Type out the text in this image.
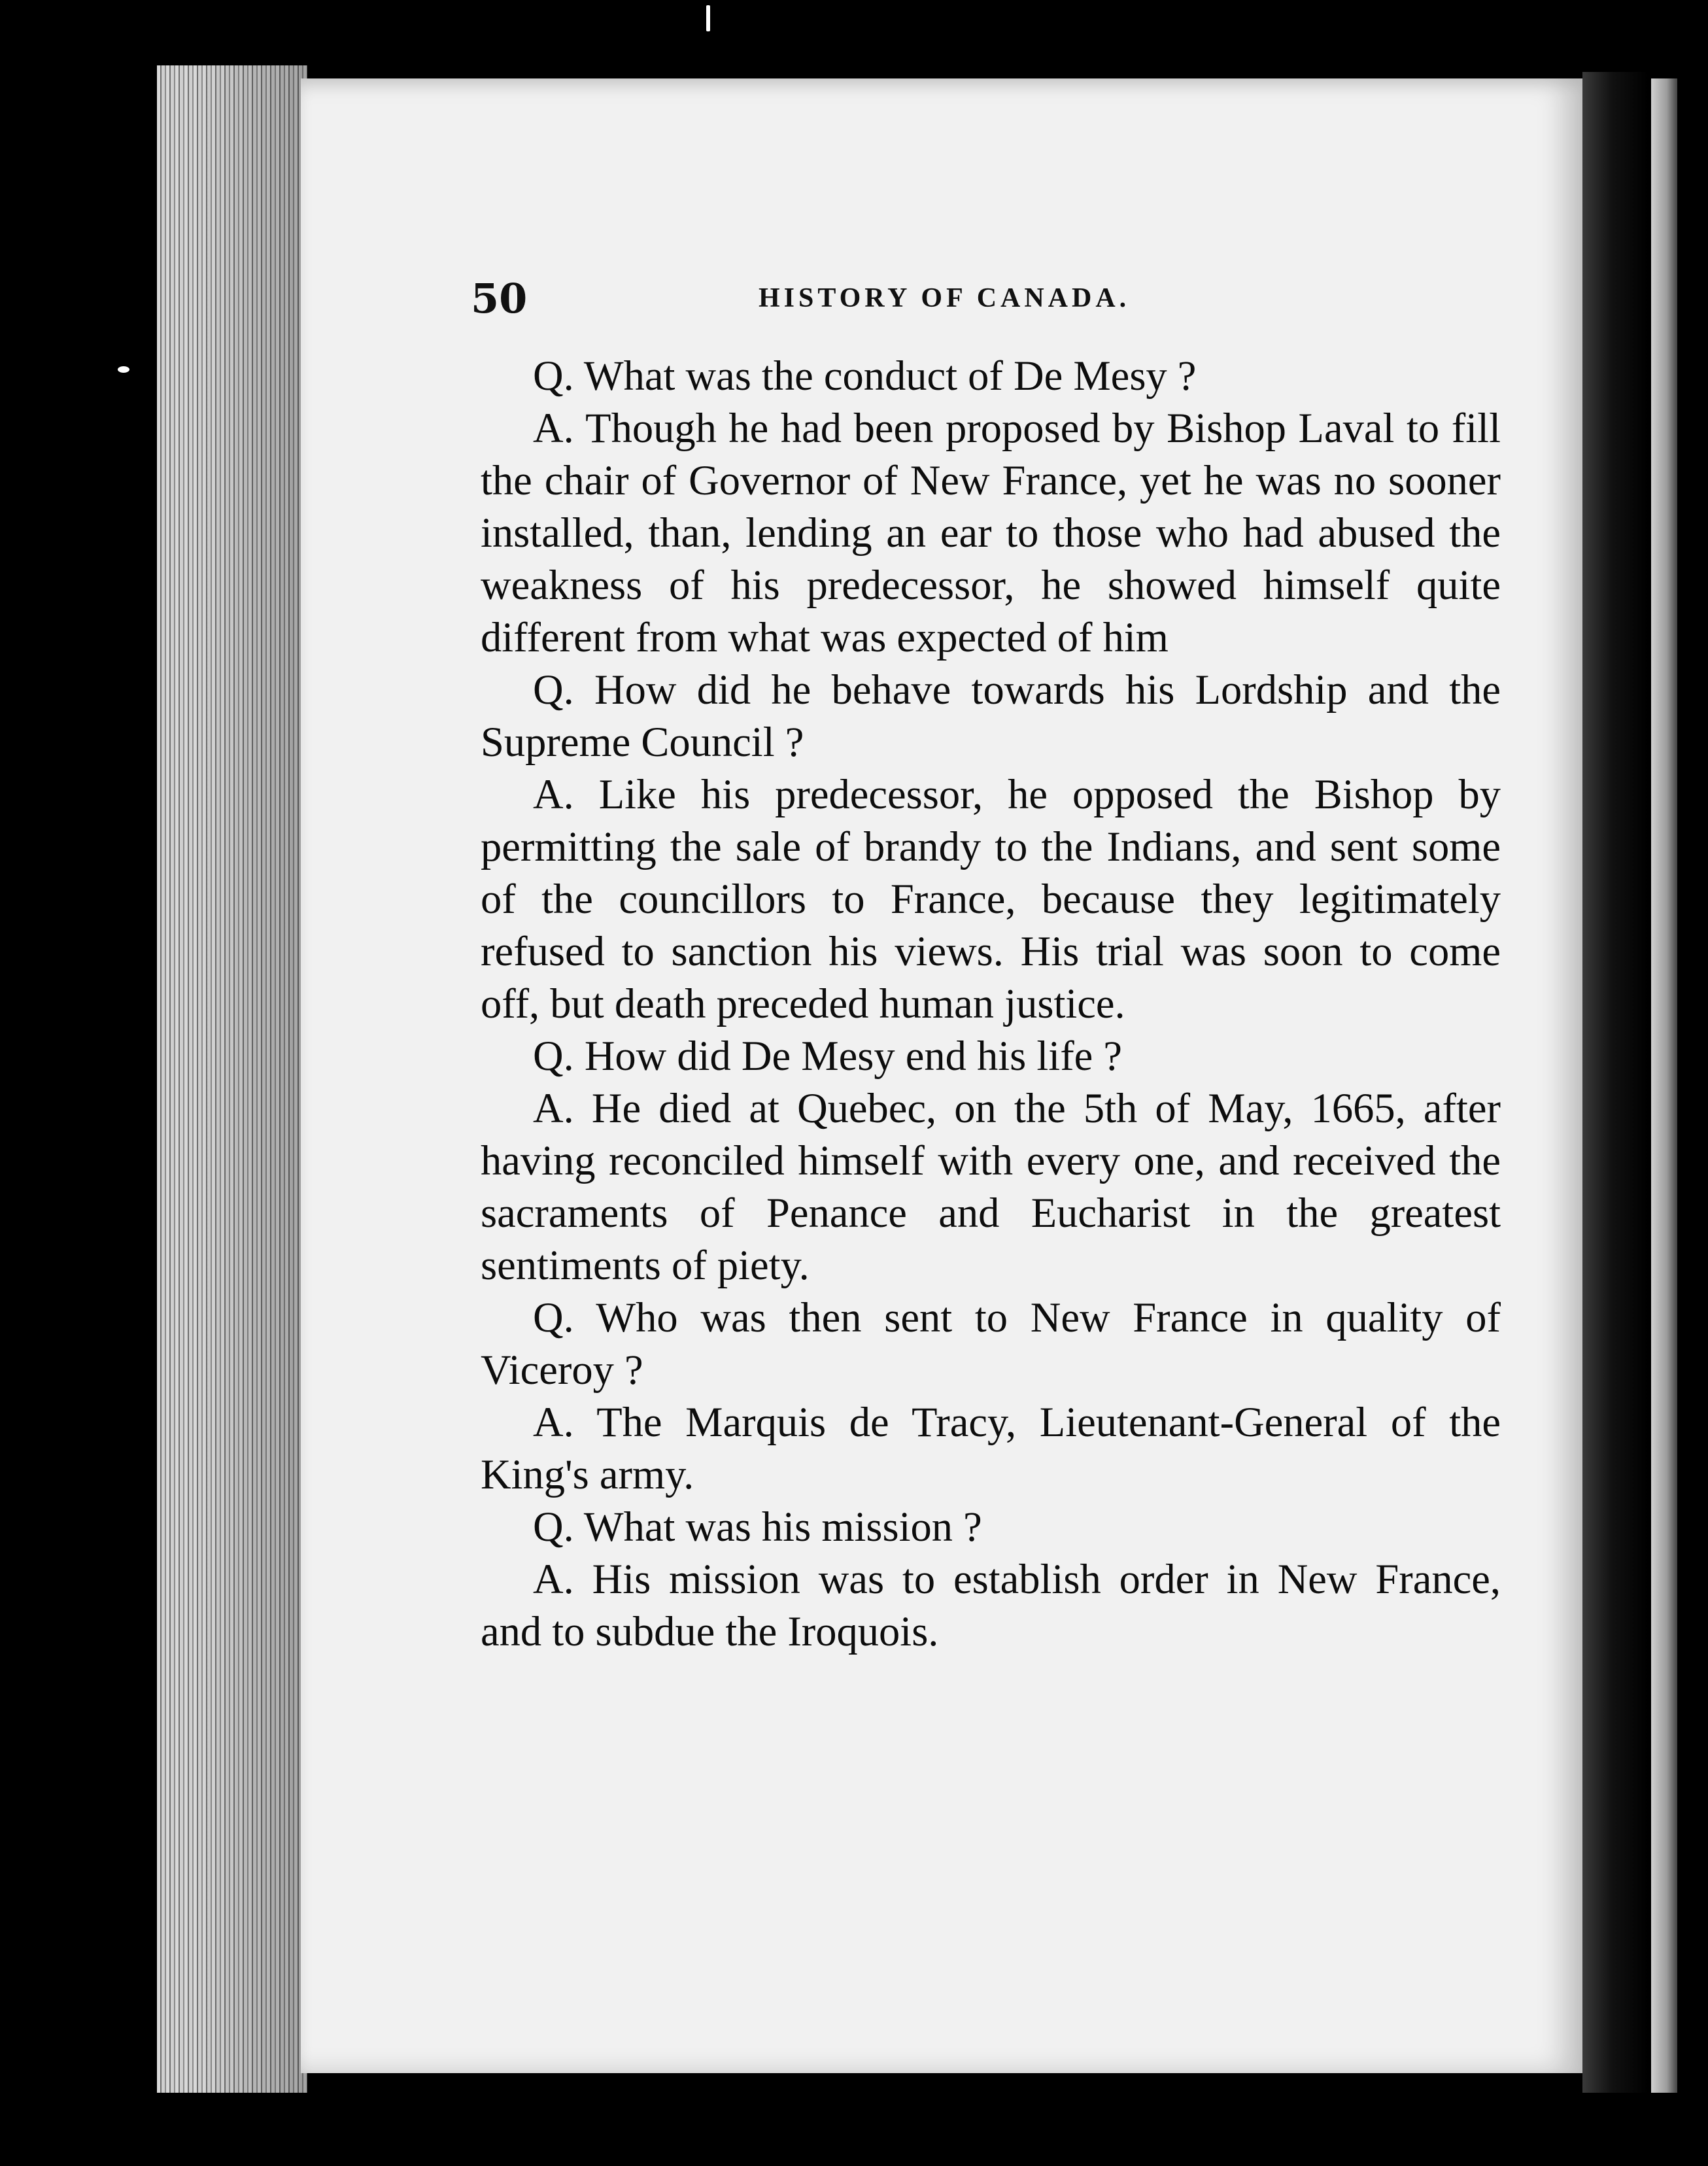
50	HISTORY OF CANADA.

Q. What was the conduct of De Mesy ?

A. Though he had been proposed by Bishop Laval to fill the chair of Governor of New France, yet he was no sooner installed, than, lending an ear to those who had abused the weakness of his predecessor, he showed himself quite different from what was expected of him

Q. How did he behave towards his Lordship and the Supreme Council ?

A. Like his predecessor, he opposed the Bishop by permitting the sale of brandy to the Indians, and sent some of the councillors to France, because they legitimately refused to sanction his views. His trial was soon to come off, but death preceded human justice.

Q. How did De Mesy end his life ?

A. He died at Quebec, on the 5th of May, 1665, after having reconciled himself with every one, and received the sacraments of Penance and Eucharist in the greatest sentiments of piety.

Q. Who was then sent to New France in quality of Viceroy ?

A. The Marquis de Tracy, Lieutenant-General of the King's army.

Q. What was his mission ?

A. His mission was to establish order in New France, and to subdue the Iroquois.
